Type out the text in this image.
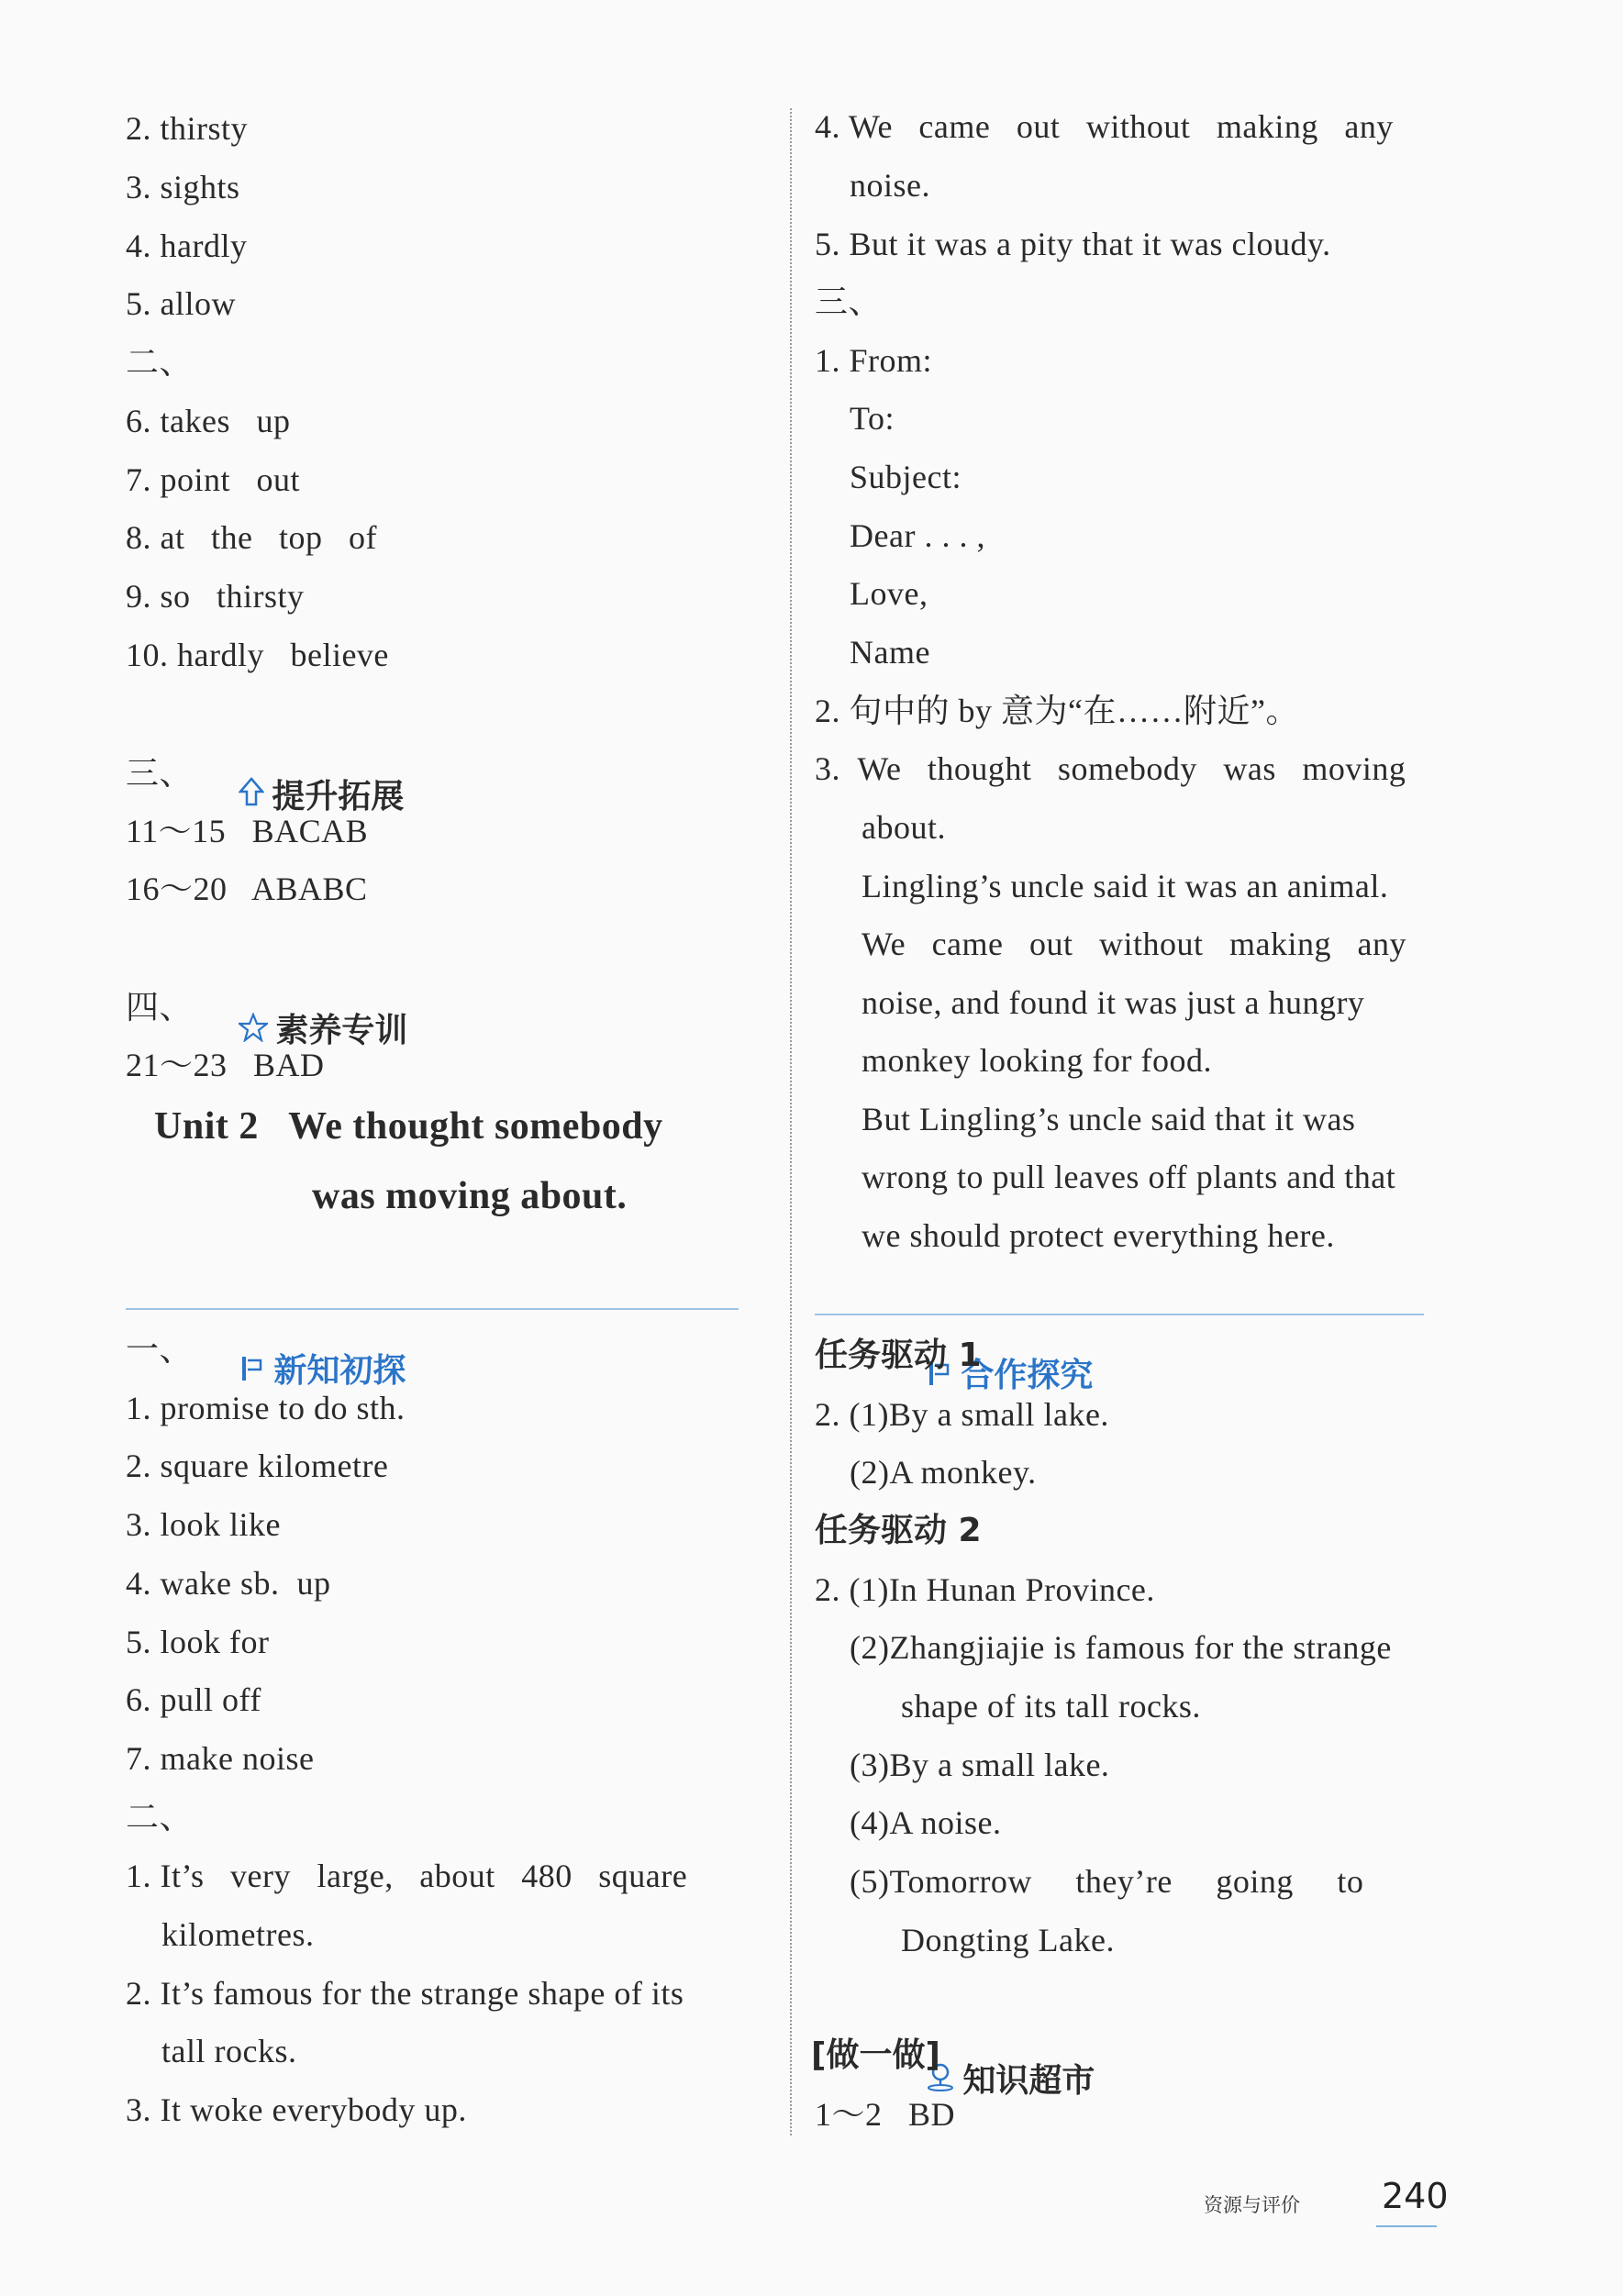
2. thirsty
3. sights
4. hardly
5. allow
二、
6. takes   up
7. point   out
8. at   the   top   of
9. so   thirsty
10. hardly   believe

提升拓展

三、
11～15   BACAB
16～20   ABABC

素养专训

四、
21～23   BAD
Unit 2   We thought somebody
was moving about.

新知初探

一、
1. promise to do sth.
2. square kilometre
3. look like
4. wake sb.  up
5. look for
6. pull off
7. make noise
二、
1. It’s   very   large,   about   480   square
kilometres.
2. It’s famous for the strange shape of its
tall rocks.
3. It woke everybody up.
4. We   came   out   without   making   any
noise.
5. But it was a pity that it was cloudy.
三、
1. From:
To:
Subject:
Dear . . . ,
Love,
Name
2. 句中的 by 意为“在……附近”。
3.  We   thought   somebody   was   moving
about.
Lingling’s uncle said it was an animal.
We   came   out   without   making   any
noise, and found it was just a hungry
monkey looking for food.
But Lingling’s uncle said that it was
wrong to pull leaves off plants and that
we should protect everything here.

合作探究

任务驱动 1
2. (1)By a small lake.
(2)A monkey.
任务驱动 2
2. (1)In Hunan Province.
(2)Zhangjiajie is famous for the strange
shape of its tall rocks.
(3)By a small lake.
(4)A noise.
(5)Tomorrow     they’re     going     to
Dongting Lake.

知识超市

[做一做]
1～2   BD
资源与评价 240
